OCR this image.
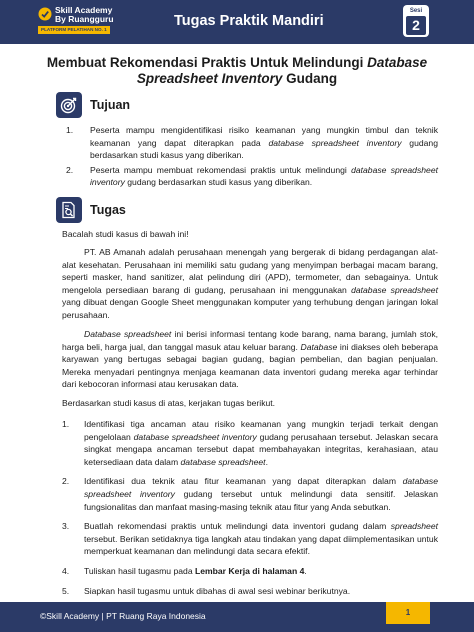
Skill Academy
By Ruangguru
PLATFORM PELATIHAN NO. 1
Tugas Praktik Mandiri
Sesi
2
Membuat Rekomendasi Praktis Untuk Melindungi Database
Spreadsheet Inventory Gudang
Tujuan
1. Peserta mampu mengidentifikasi risiko keamanan yang mungkin timbul dan teknik keamanan yang dapat diterapkan pada database spreadsheet inventory gudang berdasarkan studi kasus yang diberikan.
2. Peserta mampu membuat rekomendasi praktis untuk melindungi database spreadsheet inventory gudang berdasarkan studi kasus yang diberikan.
Tugas
Bacalah studi kasus di bawah ini!
PT. AB Amanah adalah perusahaan menengah yang bergerak di bidang perdagangan alat-alat kesehatan. Perusahaan ini memiliki satu gudang yang menyimpan berbagai macam barang, seperti masker, hand sanitizer, alat pelindung diri (APD), termometer, dan sebagainya. Untuk mengelola persediaan barang di gudang, perusahaan ini menggunakan database spreadsheet yang dibuat dengan Google Sheet menggunakan komputer yang terhubung dengan jaringan lokal perusahaan.
Database spreadsheet ini berisi informasi tentang kode barang, nama barang, jumlah stok, harga beli, harga jual, dan tanggal masuk atau keluar barang. Database ini diakses oleh beberapa karyawan yang bertugas sebagai bagian gudang, bagian pembelian, dan bagian penjualan. Mereka menyadari pentingnya menjaga keamanan data inventori gudang mereka agar terhindar dari kebocoran informasi atau kerusakan data.
Berdasarkan studi kasus di atas, kerjakan tugas berikut.
1. Identifikasi tiga ancaman atau risiko keamanan yang mungkin terjadi terkait dengan pengelolaan database spreadsheet inventory gudang perusahaan tersebut. Jelaskan secara singkat mengapa ancaman tersebut dapat membahayakan integritas, kerahasiaan, atau ketersediaan data dalam database spreadsheet.
2. Identifikasi dua teknik atau fitur keamanan yang dapat diterapkan dalam database spreadsheet inventory gudang tersebut untuk melindungi data sensitif. Jelaskan fungsionalitas dan manfaat masing-masing teknik atau fitur yang Anda sebutkan.
3. Buatlah rekomendasi praktis untuk melindungi data inventori gudang dalam spreadsheet tersebut. Berikan setidaknya tiga langkah atau tindakan yang dapat diimplementasikan untuk memperkuat keamanan dan melindungi data secara efektif.
4. Tuliskan hasil tugasmu pada Lembar Kerja di halaman 4.
5. Siapkan hasil tugasmu untuk dibahas di awal sesi webinar berikutnya.
©Skill Academy | PT Ruang Raya Indonesia	1
